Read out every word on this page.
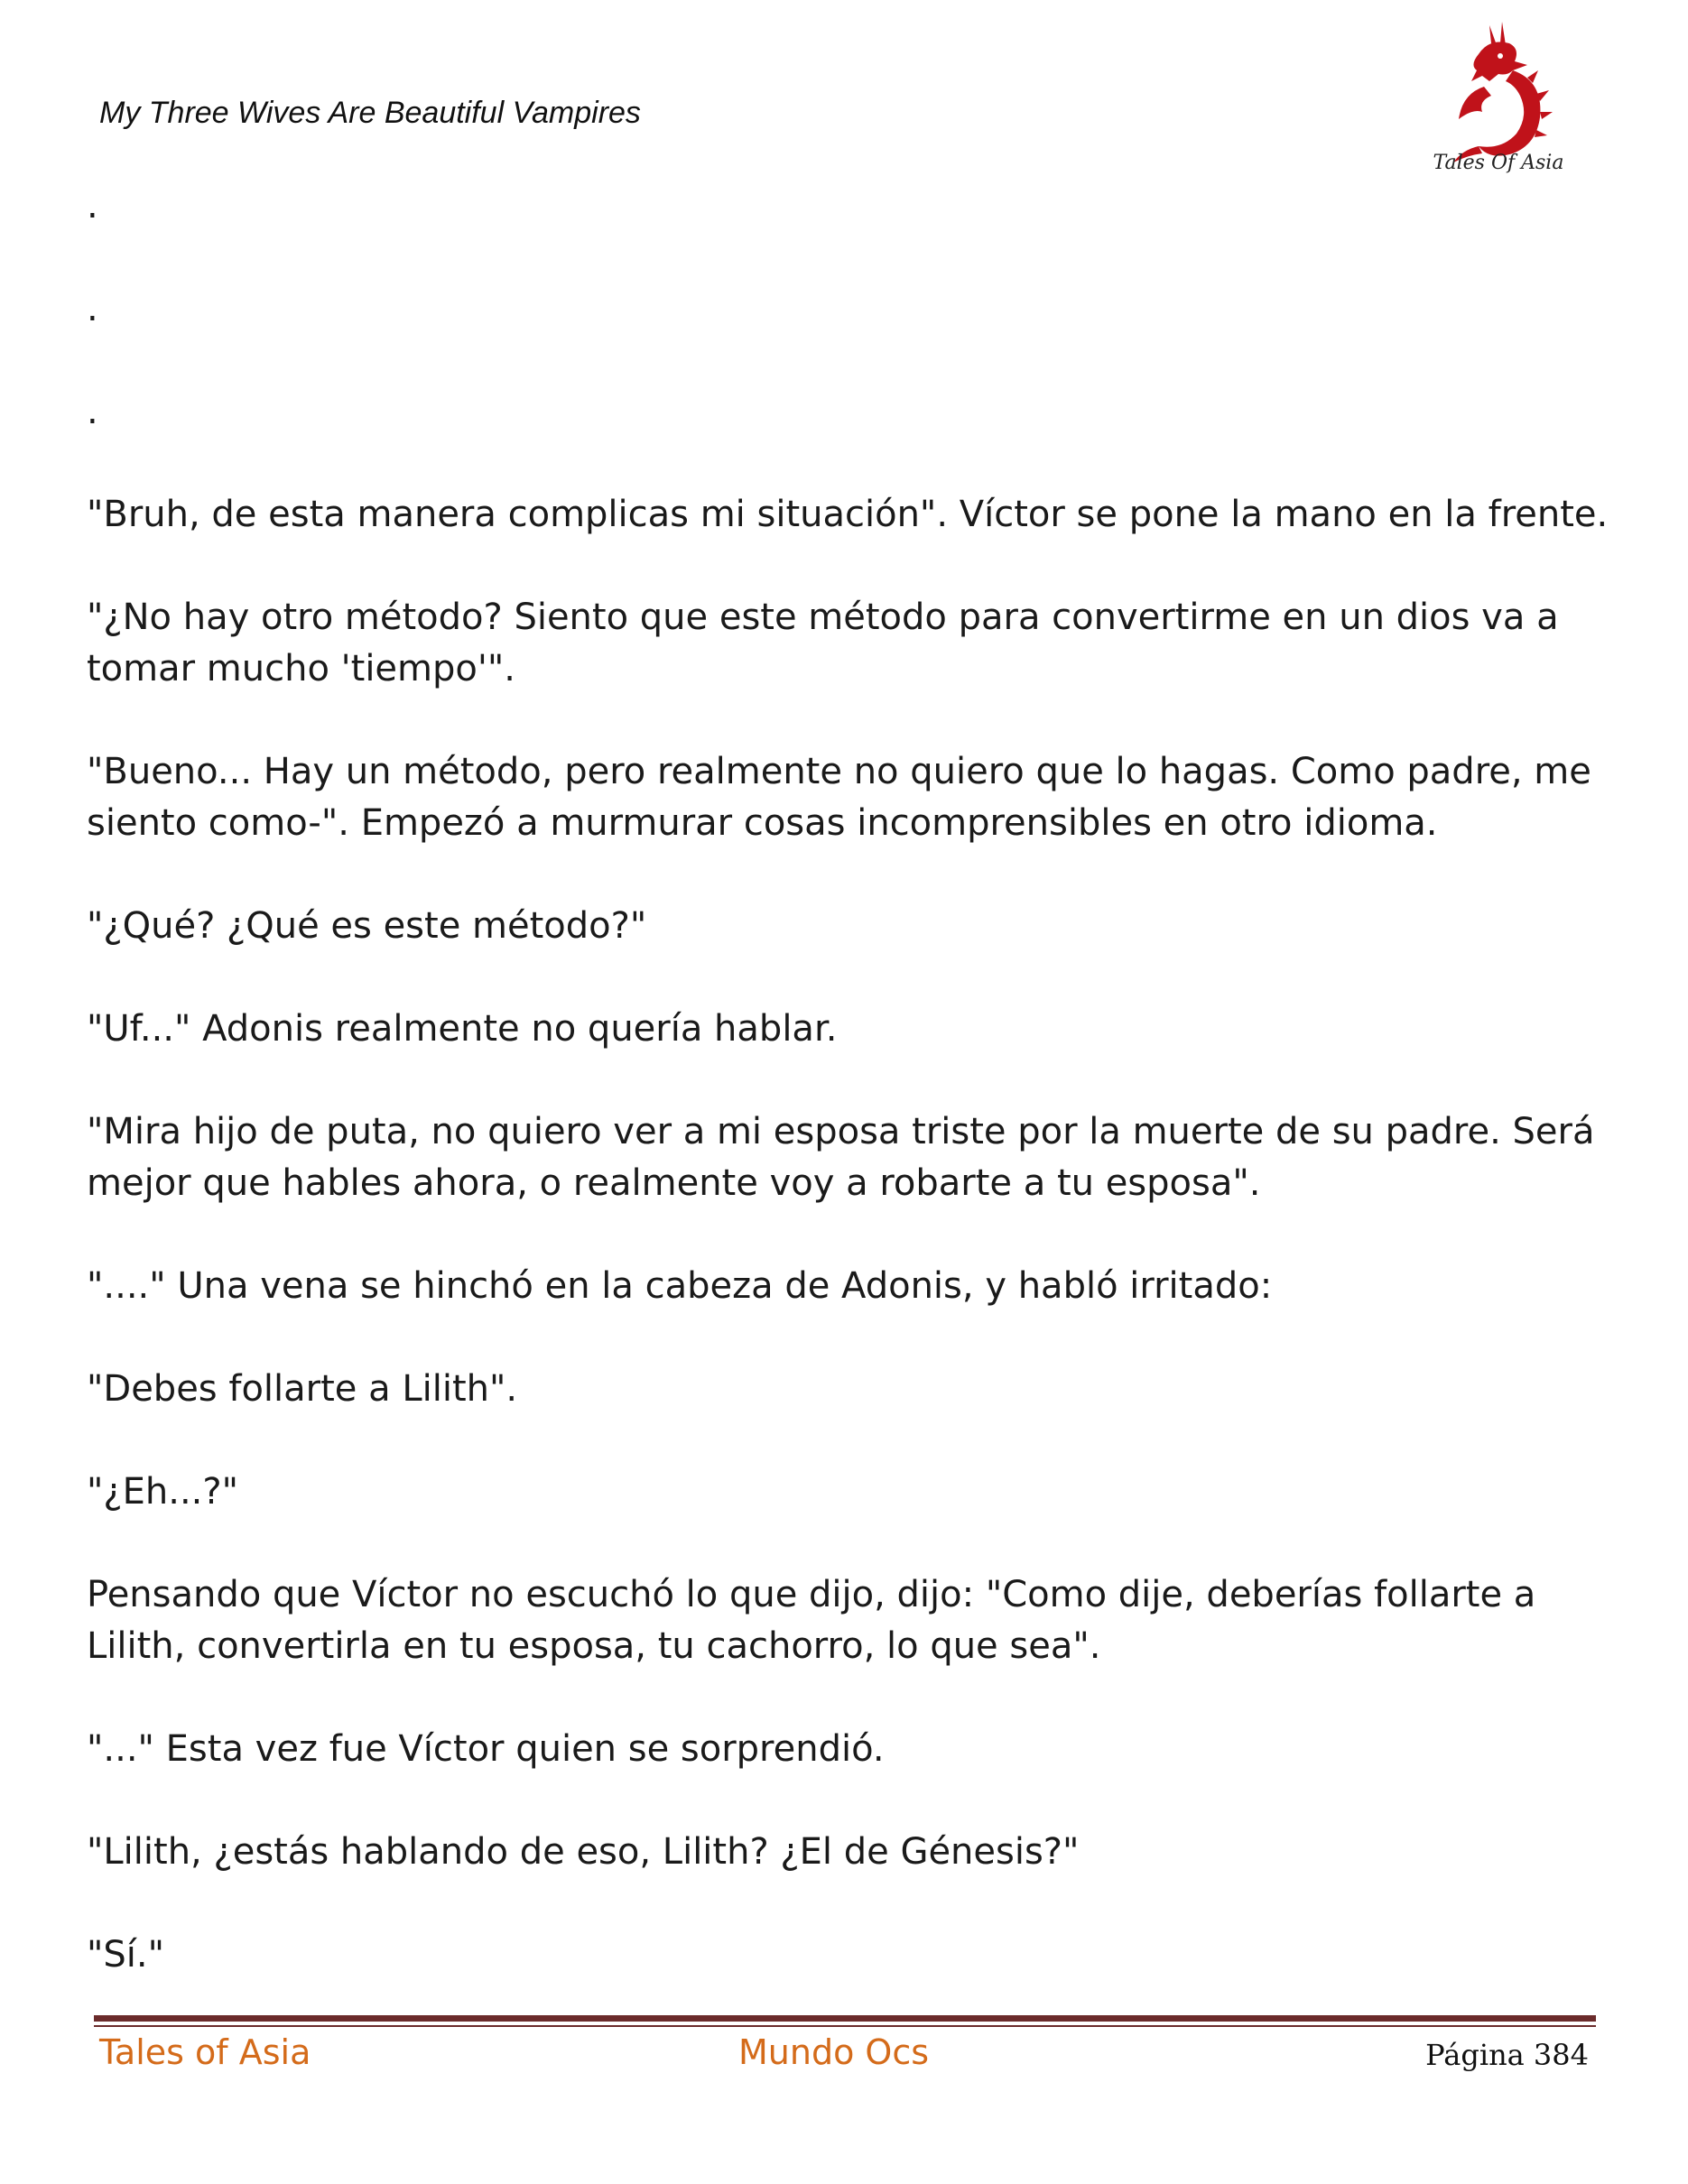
My Three Wives Are Beautiful Vampires
Tales Of Asia

.

.

.

"Bruh, de esta manera complicas mi situación". Víctor se pone la mano en la frente.

"¿No hay otro método? Siento que este método para convertirme en un dios va a tomar mucho 'tiempo'".

"Bueno... Hay un método, pero realmente no quiero que lo hagas. Como padre, me siento como-". Empezó a murmurar cosas incomprensibles en otro idioma.

"¿Qué? ¿Qué es este método?"

"Uf..." Adonis realmente no quería hablar.

"Mira hijo de puta, no quiero ver a mi esposa triste por la muerte de su padre. Será mejor que hables ahora, o realmente voy a robarte a tu esposa".

"...." Una vena se hinchó en la cabeza de Adonis, y habló irritado:

"Debes follarte a Lilith".

"¿Eh...?"

Pensando que Víctor no escuchó lo que dijo, dijo: "Como dije, deberías follarte a Lilith, convertirla en tu esposa, tu cachorro, lo que sea".

"..." Esta vez fue Víctor quien se sorprendió.

"Lilith, ¿estás hablando de eso, Lilith? ¿El de Génesis?"

"Sí."

Tales of Asia	Mundo Ocs	Página 384
